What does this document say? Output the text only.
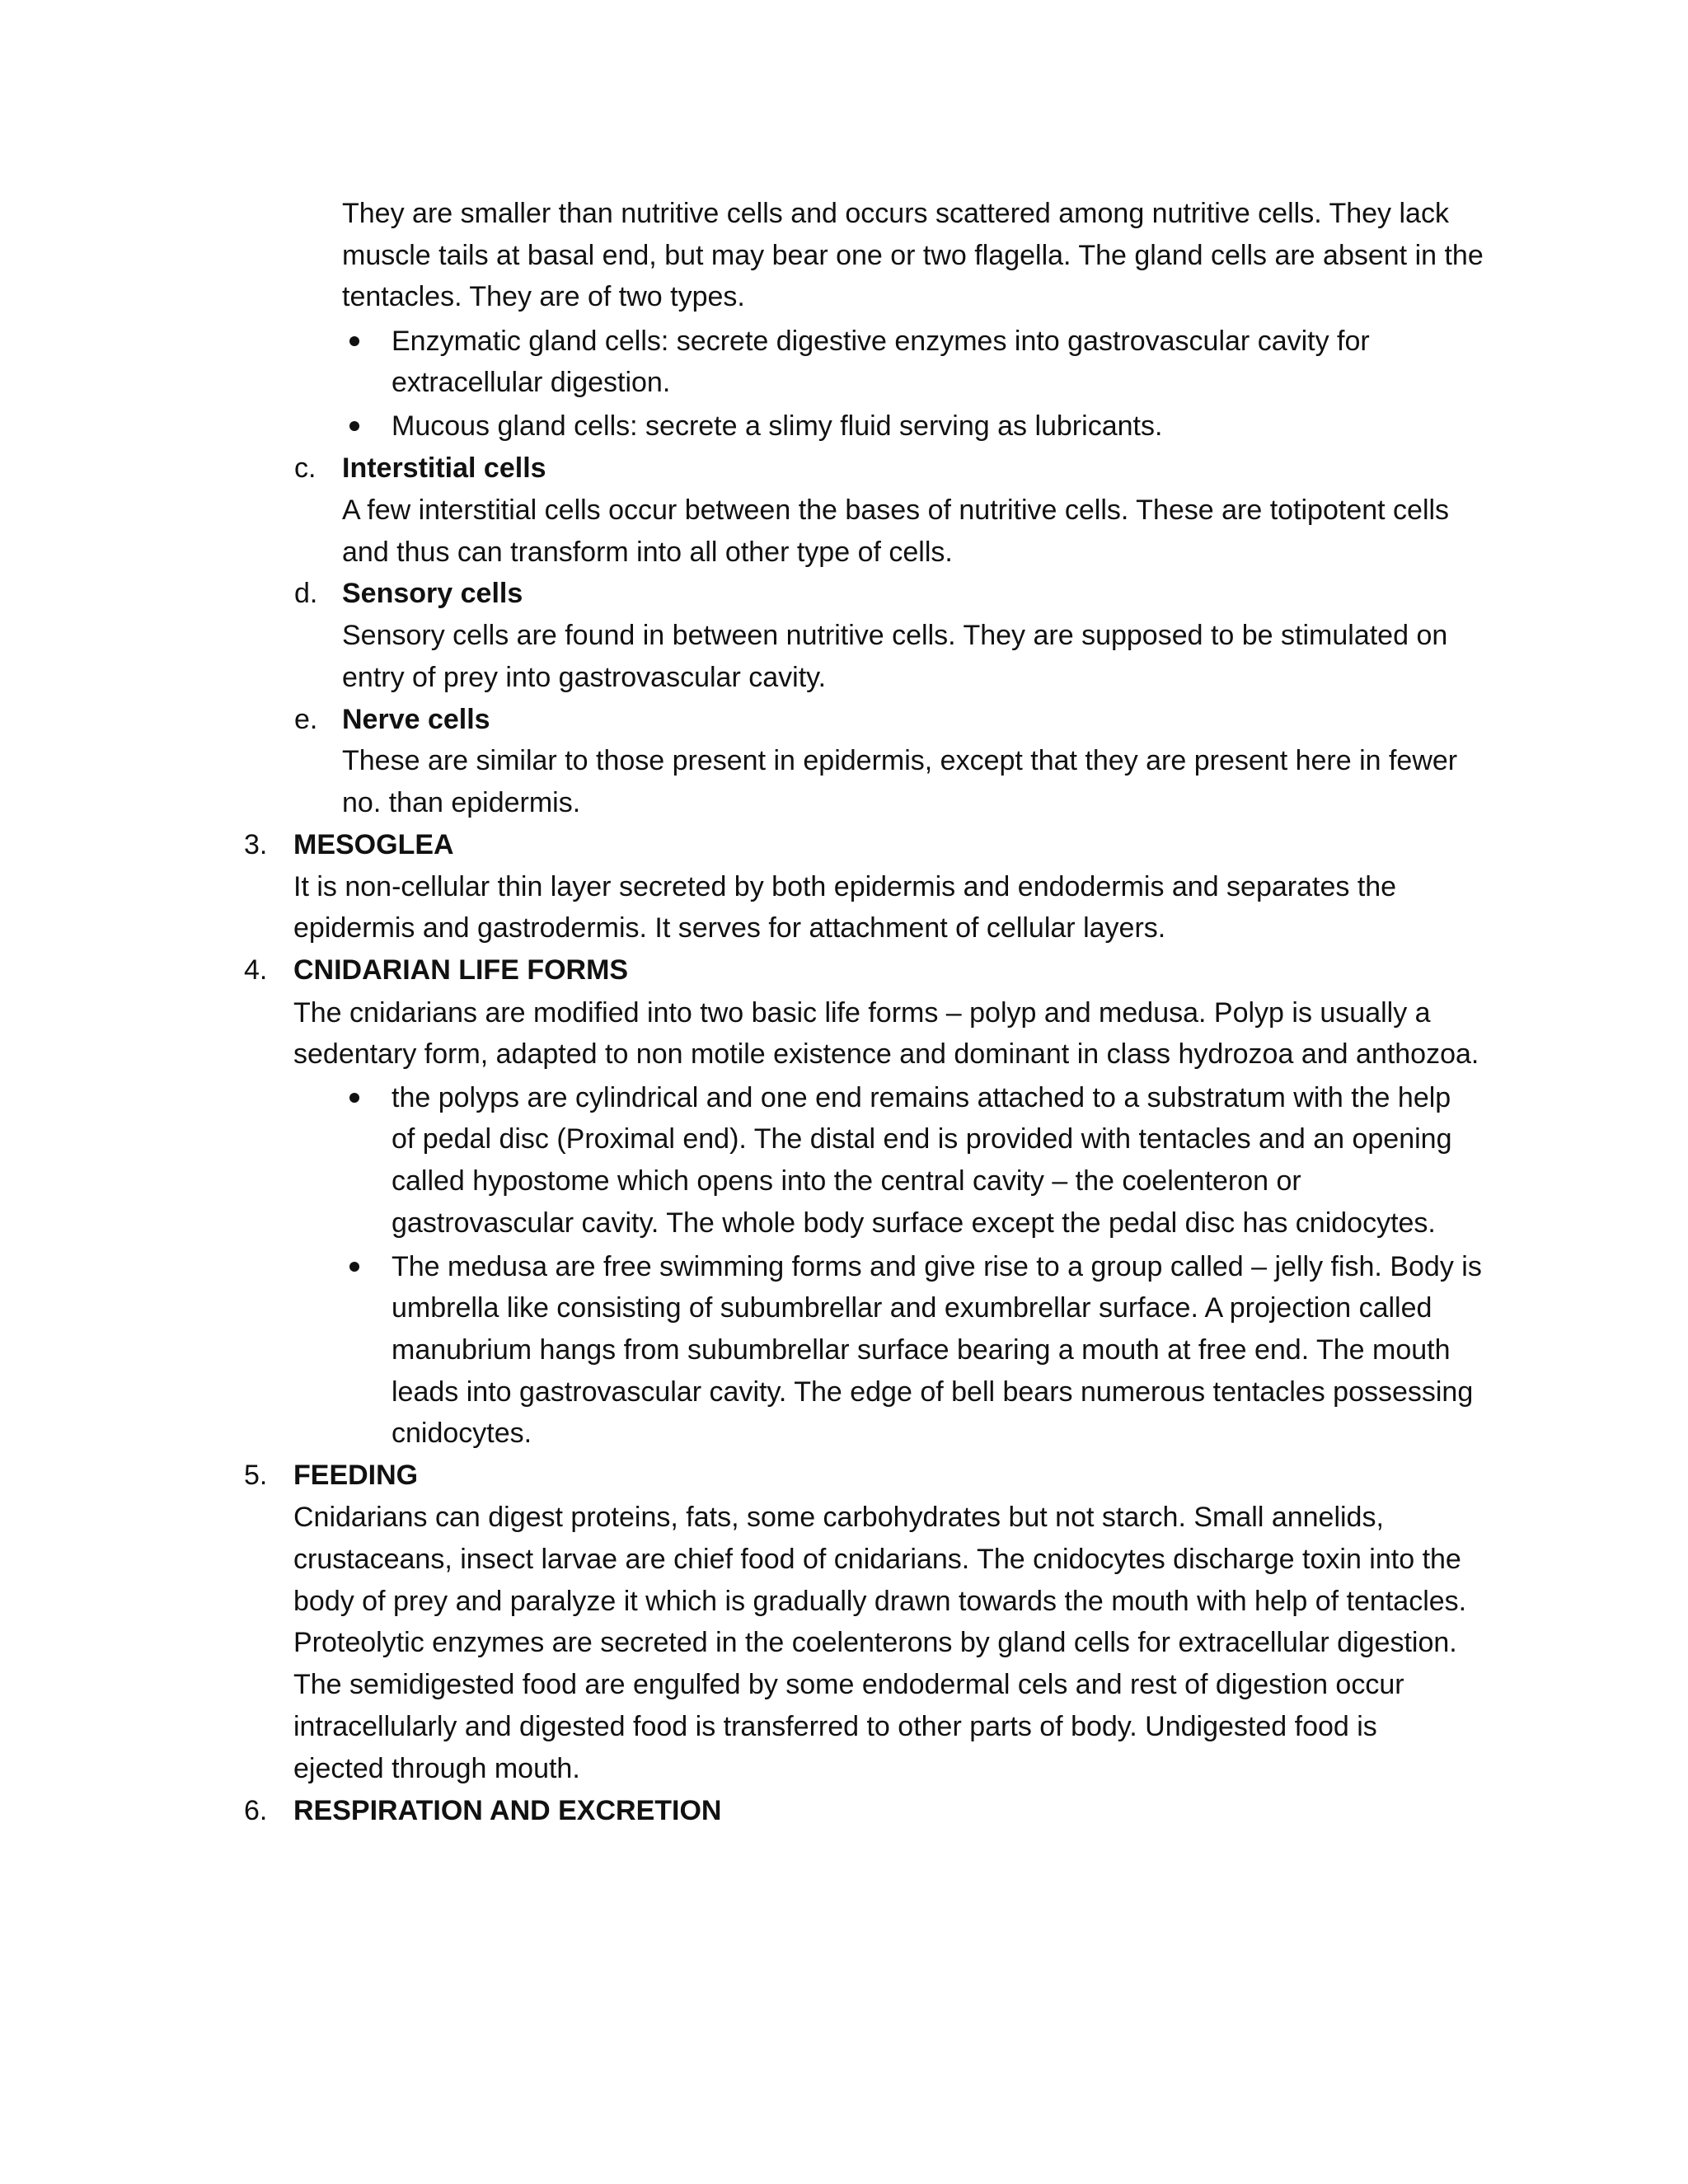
They are smaller than nutritive cells and occurs scattered among nutritive cells. They lack
muscle tails at basal end, but may bear one or two flagella. The gland cells are absent in the
tentacles. They are of two types.
Enzymatic gland cells: secrete digestive enzymes into gastrovascular cavity for
extracellular digestion.
Mucous gland cells: secrete a slimy fluid serving as lubricants.
c. Interstitial cells
A few interstitial cells occur between the bases of nutritive cells. These are totipotent cells
and thus can transform into all other type of cells.
d. Sensory cells
Sensory cells are found in between nutritive cells. They are supposed to be stimulated on
entry of prey into gastrovascular cavity.
e. Nerve cells
These are similar to those present in epidermis, except that they are present here in fewer
no. than epidermis.
3. MESOGLEA
It is non-cellular thin layer secreted by both epidermis and endodermis and separates the
epidermis and gastrodermis. It serves for attachment of cellular layers.
4. CNIDARIAN LIFE FORMS
The cnidarians are modified into two basic life forms – polyp and medusa. Polyp is usually a
sedentary form, adapted to non motile existence and dominant in class hydrozoa and anthozoa.
the polyps are cylindrical and one end remains attached to a substratum with the help
of pedal disc (Proximal end). The distal end is provided with tentacles and an opening
called hypostome which opens into the central cavity – the coelenteron or
gastrovascular cavity. The whole body surface except the pedal disc has cnidocytes.
The medusa are free swimming forms and give rise to a group called – jelly fish. Body is
umbrella like consisting of subumbrellar and exumbrellar surface. A projection called
manubrium hangs from subumbrellar surface bearing a mouth at free end. The mouth
leads into gastrovascular cavity. The edge of bell bears numerous tentacles possessing
cnidocytes.
5. FEEDING
Cnidarians can digest proteins, fats, some carbohydrates but not starch. Small annelids,
crustaceans, insect larvae are chief food of cnidarians. The cnidocytes discharge toxin into the
body of prey and paralyze it which is gradually drawn towards the mouth with help of tentacles.
Proteolytic enzymes are secreted in the coelenterons by gland cells for extracellular digestion.
The semidigested food are engulfed by some endodermal cels and rest of digestion occur
intracellularly and digested food is transferred to other parts of body. Undigested food is
ejected through mouth.
6. RESPIRATION AND EXCRETION
